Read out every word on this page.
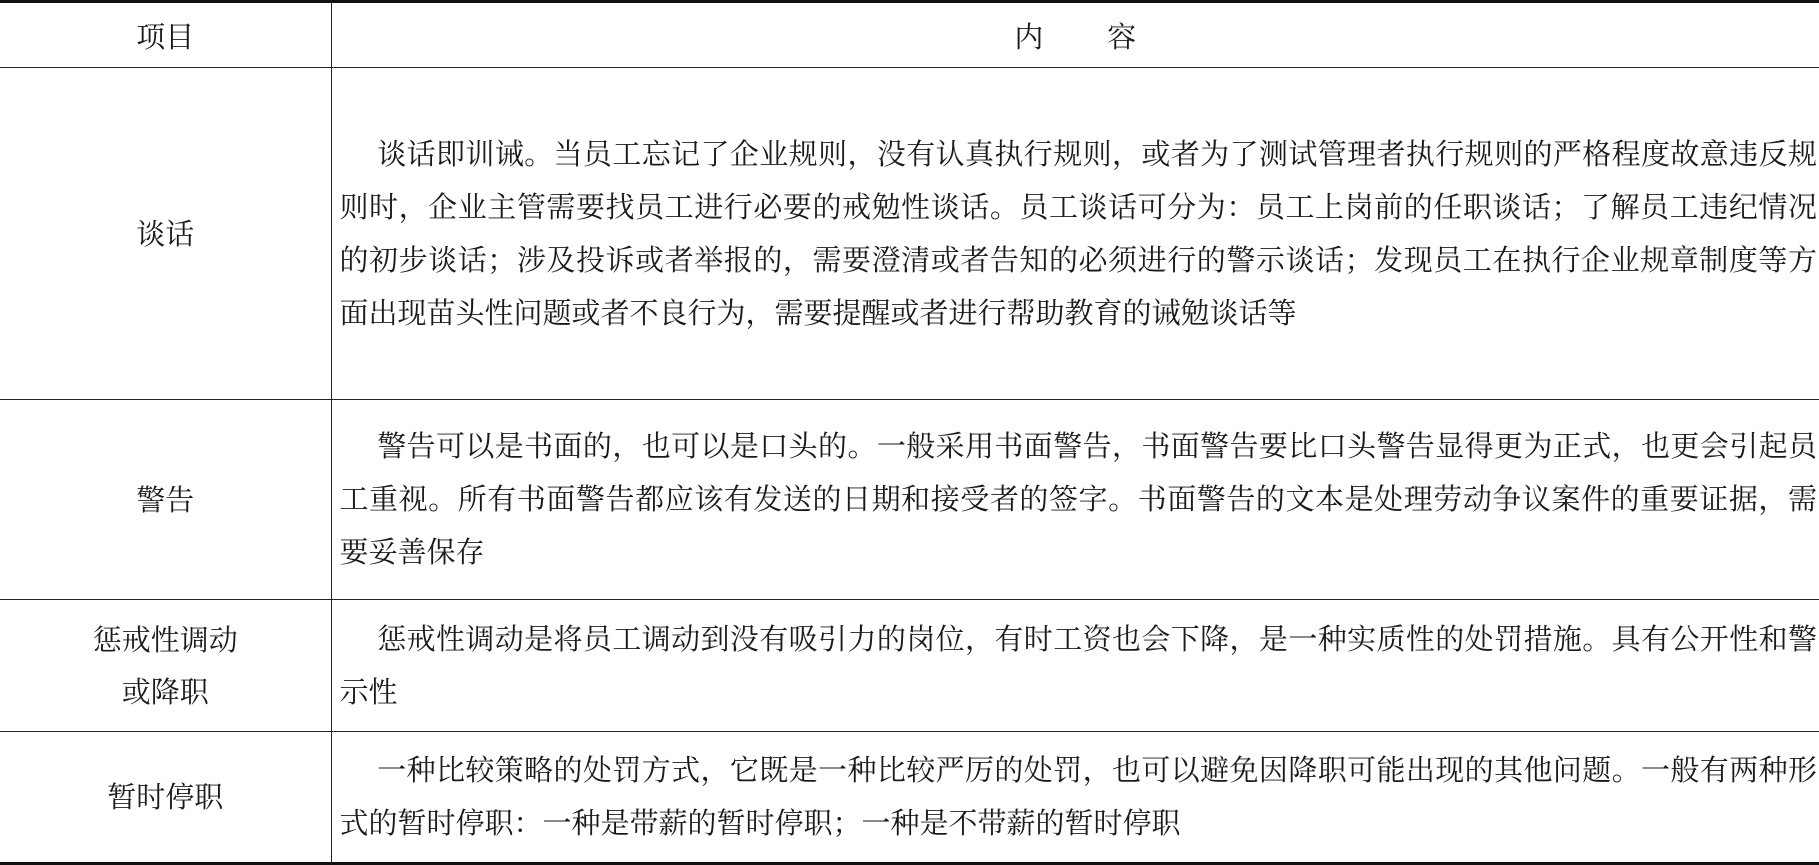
项目	内容
谈话	谈话即训诫。当员工忘记了企业规则，没有认真执行规则，或者为了测试管理者执行规则的严格程度故意违反规则时，企业主管需要找员工进行必要的戒勉性谈话。员工谈话可分为：员工上岗前的任职谈话；了解员工违纪情况的初步谈话；涉及投诉或者举报的，需要澄清或者告知的必须进行的警示谈话；发现员工在执行企业规章制度等方面出现苗头性问题或者不良行为，需要提醒或者进行帮助教育的诫勉谈话等

警告	警告可以是书面的，也可以是口头的。一般采用书面警告，书面警告要比口头警告显得更为正式，也更会引起员工重视。所有书面警告都应该有发送的日期和接受者的签字。书面警告的文本是处理劳动争议案件的重要证据，需要妥善保存

惩戒性调动
或降职	惩戒性调动是将员工调动到没有吸引力的岗位，有时工资也会下降，是一种实质性的处罚措施。具有公开性和警示性

暂时停职	一种比较策略的处罚方式，它既是一种比较严厉的处罚，也可以避免因降职可能出现的其他问题。一般有两种形式的暂时停职：一种是带薪的暂时停职；一种是不带薪的暂时停职
